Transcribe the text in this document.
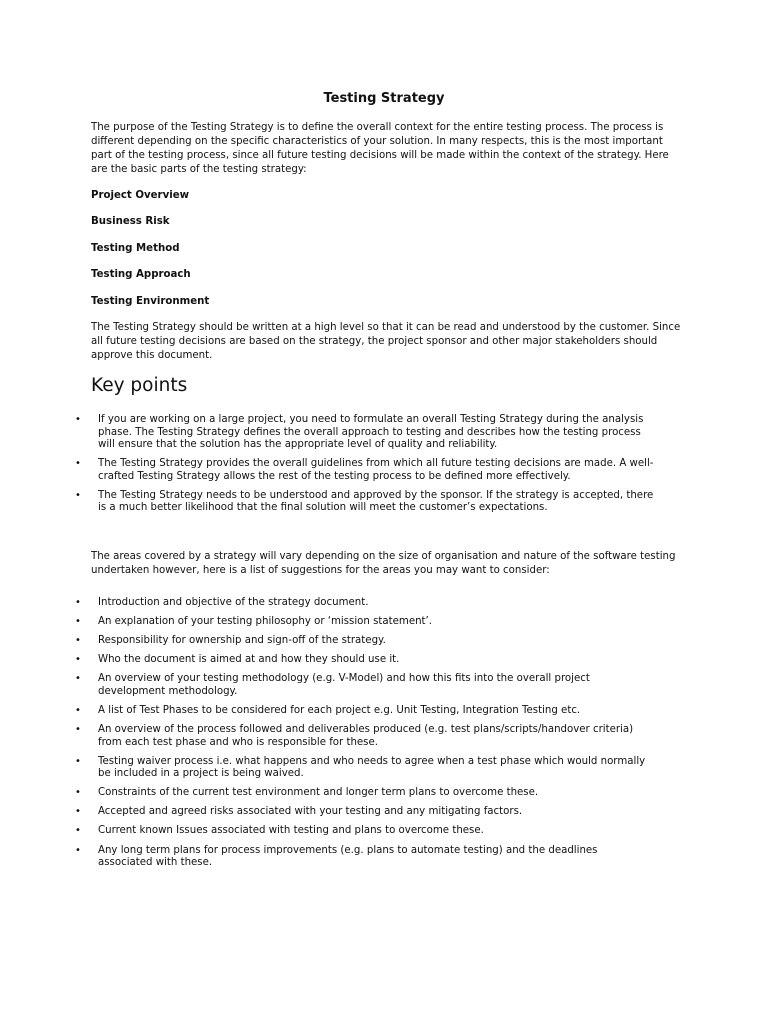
Testing Strategy

The purpose of the Testing Strategy is to define the overall context for the entire testing process. The process is different depending on the specific characteristics of your solution. In many respects, this is the most important part of the testing process, since all future testing decisions will be made within the context of the strategy. Here are the basic parts of the testing strategy:

Project Overview
Business Risk
Testing Method
Testing Approach
Testing Environment

The Testing Strategy should be written at a high level so that it can be read and understood by the customer. Since all future testing decisions are based on the strategy, the project sponsor and other major stakeholders should approve this document.

Key points
• If you are working on a large project, you need to formulate an overall Testing Strategy during the analysis phase. The Testing Strategy defines the overall approach to testing and describes how the testing process will ensure that the solution has the appropriate level of quality and reliability.
• The Testing Strategy provides the overall guidelines from which all future testing decisions are made. A well-crafted Testing Strategy allows the rest of the testing process to be defined more effectively.
• The Testing Strategy needs to be understood and approved by the sponsor. If the strategy is accepted, there is a much better likelihood that the final solution will meet the customer’s expectations.

The areas covered by a strategy will vary depending on the size of organisation and nature of the software testing undertaken however, here is a list of suggestions for the areas you may want to consider:

• Introduction and objective of the strategy document.
• An explanation of your testing philosophy or ‘mission statement’.
• Responsibility for ownership and sign-off of the strategy.
• Who the document is aimed at and how they should use it.
• An overview of your testing methodology (e.g. V-Model) and how this fits into the overall project development methodology.
• A list of Test Phases to be considered for each project e.g. Unit Testing, Integration Testing etc.
• An overview of the process followed and deliverables produced (e.g. test plans/scripts/handover criteria) from each test phase and who is responsible for these.
• Testing waiver process i.e. what happens and who needs to agree when a test phase which would normally be included in a project is being waived.
• Constraints of the current test environment and longer term plans to overcome these.
• Accepted and agreed risks associated with your testing and any mitigating factors.
• Current known Issues associated with testing and plans to overcome these.
• Any long term plans for process improvements (e.g. plans to automate testing) and the deadlines associated with these.
